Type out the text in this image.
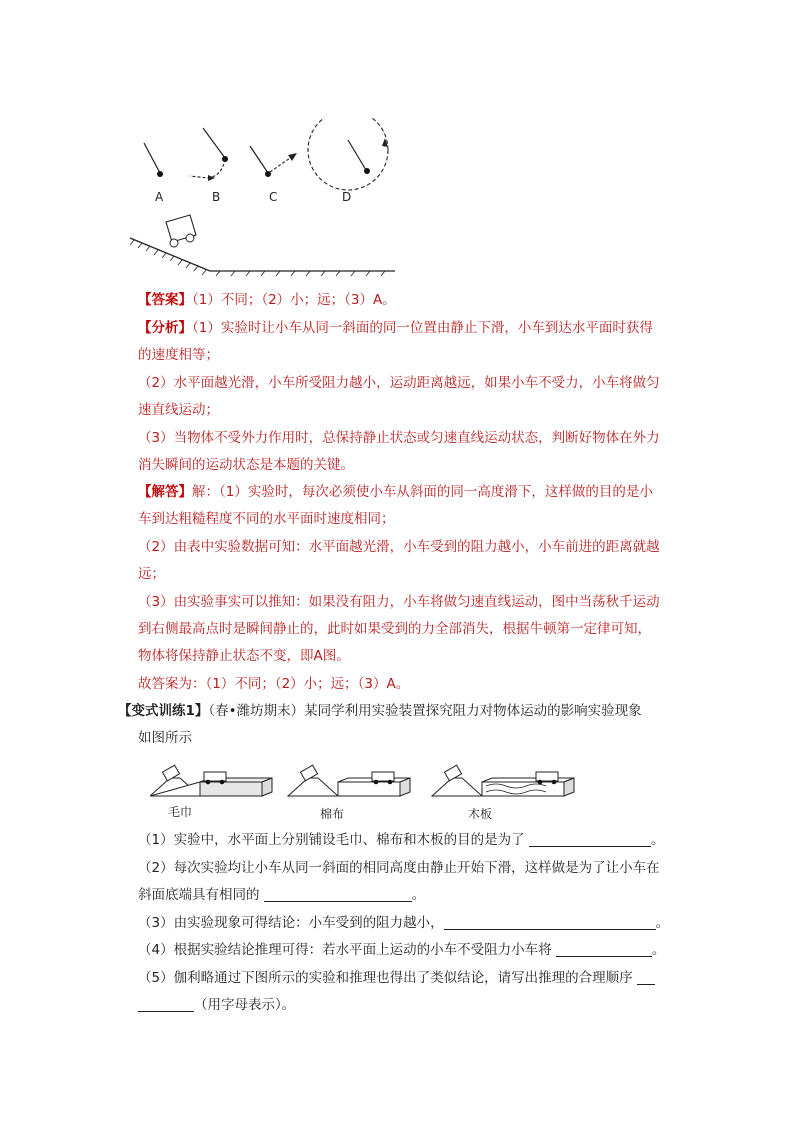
A	B	C	D
【答案】（1）不同；（2）小；远；（3）A。
【分析】（1）实验时让小车从同一斜面的同一位置由静止下滑，小车到达水平面时获得
的速度相等；
（2）水平面越光滑，小车所受阻力越小，运动距离越远，如果小车不受力，小车将做匀
速直线运动；
（3）当物体不受外力作用时，总保持静止状态或匀速直线运动状态，判断好物体在外力
消失瞬间的运动状态是本题的关键。
【解答】解：（1）实验时，每次必须使小车从斜面的同一高度滑下，这样做的目的是小
车到达粗糙程度不同的水平面时速度相同；
（2）由表中实验数据可知：水平面越光滑，小车受到的阻力越小，小车前进的距离就越
远；
（3）由实验事实可以推知：如果没有阻力，小车将做匀速直线运动，图中当荡秋千运动
到右侧最高点时是瞬间静止的，此时如果受到的力全部消失，根据牛顿第一定律可知，
物体将保持静止状态不变，即A图。
故答案为：（1）不同；（2）小；远；（3）A。
【变式训练1】（春•潍坊期末）某同学利用实验装置探究阻力对物体运动的影响实验现象
如图所示
毛巾	棉布	木板
（1）实验中，水平面上分别铺设毛巾、棉布和木板的目的是为了	。
（2）每次实验均让小车从同一斜面的相同高度由静止开始下滑，这样做是为了让小车在
斜面底端具有相同的	。
（3）由实验现象可得结论：小车受到的阻力越小，	。
（4）根据实验结论推理可得：若水平面上运动的小车不受阻力小车将	。
（5）伽利略通过下图所示的实验和推理也得出了类似结论，请写出推理的合理顺序
（用字母表示）。
